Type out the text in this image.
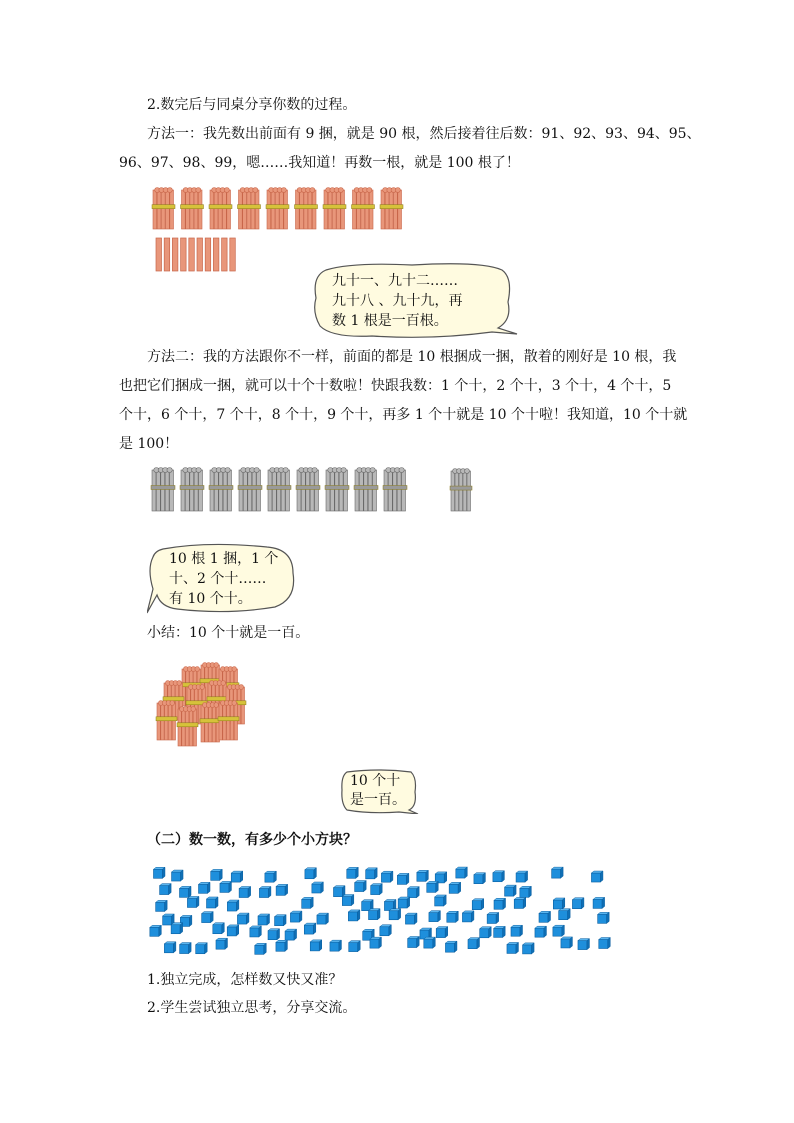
2.数完后与同桌分享你数的过程。
方法一：我先数出前面有 9 捆，就是 90 根，然后接着往后数：91、92、93、94、95、
96、97、98、99，嗯……我知道！再数一根，就是 100 根了！
九十一、九十二……
九十八 、九十九，再
数 1 根是一百根。
方法二：我的方法跟你不一样，前面的都是 10 根捆成一捆，散着的刚好是 10 根，我
也把它们捆成一捆，就可以十个十数啦！快跟我数：1 个十，2 个十，3 个十，4 个十，5
个十，6 个十，7 个十，8 个十，9 个十，再多 1 个十就是 10 个十啦！我知道，10 个十就
是 100！
10 根 1 捆，1 个
十、2 个十……
有 10 个十。
小结：10 个十就是一百。
10 个十
是一百。
（二）数一数，有多少个小方块？
1.独立完成，怎样数又快又准？
2.学生尝试独立思考，分享交流。
